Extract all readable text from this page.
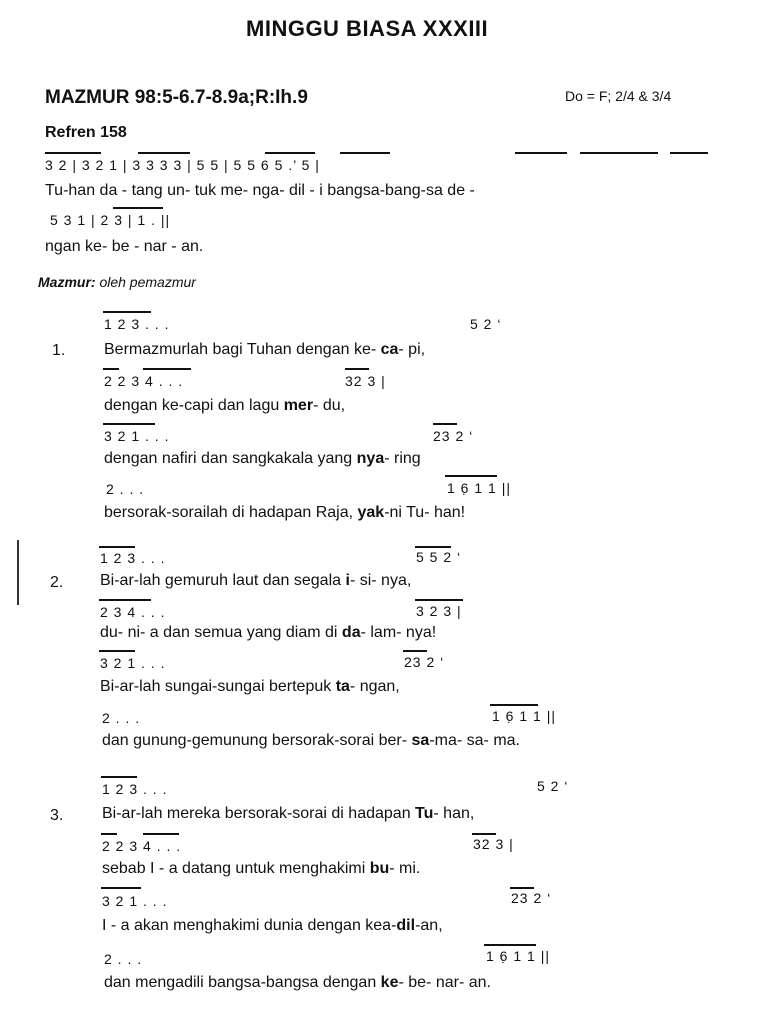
MINGGU BIASA XXXIII
MAZMUR 98:5-6.7-8.9a;R:Ih.9	Do = F; 2/4 & 3/4
Refren 158
3 2 | 3 2 1 | 3 3 3 3 | 5 5 | 5 5 6 5 .’ 5 |
Tu-han da - tang un- tuk me- nga- dil - i bangsa-bang-sa de -
5 3 1 | 2 3 | 1 . ||
ngan ke- be - nar - an.
Mazmur: oleh pemazmur
1.
1 2 3 . . .	5 2 ‘
Bermazmurlah bagi Tuhan dengan ke- ca- pi,
2 2 3 4 . . .	32 3 |
dengan ke-capi dan lagu mer- du,
3 2 1 . . .	23 2 ‘
dengan nafiri dan sangkakala yang nya- ring
2 . . .	1 6̣ 1 1 ||
bersorak-sorailah di hadapan Raja, yak-ni Tu- han!
2.
1 2 3 . . .	5 5 2 ‘
Bi-ar-lah gemuruh laut dan segala i- si- nya,
2 3 4 . . .	3 2 3 |
du- ni- a dan semua yang diam di da- lam- nya!
3 2 1 . . .	23 2 ‘
Bi-ar-lah sungai-sungai bertepuk ta- ngan,
2 . . .	1 6̣ 1 1 ||
dan gunung-gemunung bersorak-sorai ber- sa-ma- sa- ma.
3.
1 2 3 . . .	5 2 ‘
Bi-ar-lah mereka bersorak-sorai di hadapan Tu- han,
2 2 3 4 . . .	32 3 |
sebab I - a datang untuk menghakimi bu- mi.
3 2 1 . . .	23 2 ‘
I - a akan menghakimi dunia dengan kea-dil-an,
2 . . .	1 6̣ 1 1 ||
dan mengadili bangsa-bangsa dengan ke- be- nar- an.
